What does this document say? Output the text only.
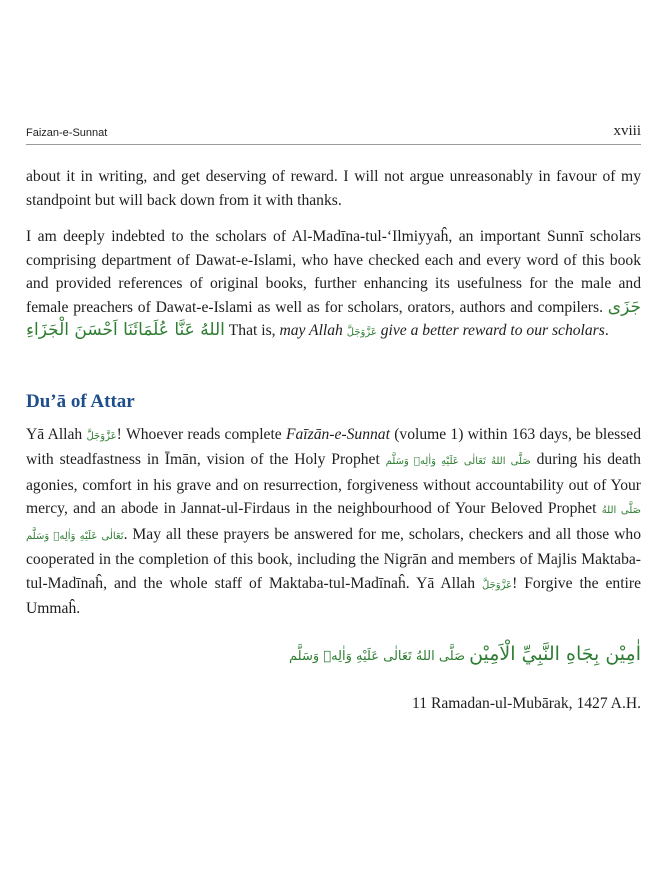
Faizan-e-Sunnat	xviii

about it in writing, and get deserving of reward. I will not argue unreasonably in favour of my standpoint but will back down from it with thanks.

I am deeply indebted to the scholars of Al-Madīna-tul-‘Ilmiyyaĥ, an important Sunnī scholars comprising department of Dawat-e-Islami, who have checked each and every word of this book and provided references of original books, further enhancing its usefulness for the male and female preachers of Dawat-e-Islami as well as for scholars, orators, authors and compilers. جَزَى اللهُ عَنَّا عُلَمَائَنَا اَحْسَنَ الْجَزَاءِ That is, may Allah عَزَّوَجَلَّ give a better reward to our scholars.

Du’ā of Attar

Yā Allah عَزَّوَجَلَّ! Whoever reads complete Faīzān-e-Sunnat (volume 1) within 163 days, be blessed with steadfastness in Īmān, vision of the Holy Prophet صَلَّى اللهُ تَعَالٰى عَلَيْهِ وَاٰلِهٖ وَسَلَّم during his death agonies, comfort in his grave and on resurrection, forgiveness without accountability out of Your mercy, and an abode in Jannat-ul-Firdaus in the neighbourhood of Your Beloved Prophet صَلَّى اللهُ تَعَالٰى عَلَيْهِ وَاٰلِهٖ وَسَلَّم. May all these prayers be answered for me, scholars, checkers and all those who cooperated in the completion of this book, including the Nigrān and members of Majlis Maktaba-tul-Madīnaĥ, and the whole staff of Maktaba-tul-Madīnaĥ. Yā Allah عَزَّوَجَلَّ! Forgive the entire Ummaĥ.

اٰمِيْن بِجَاهِ النَّبِيِّ الْاَمِيْن صَلَّى اللهُ تَعَالٰى عَلَيْهِ وَاٰلِهٖ وَسَلَّم
11 Ramadan-ul-Mubārak, 1427 A.H.
